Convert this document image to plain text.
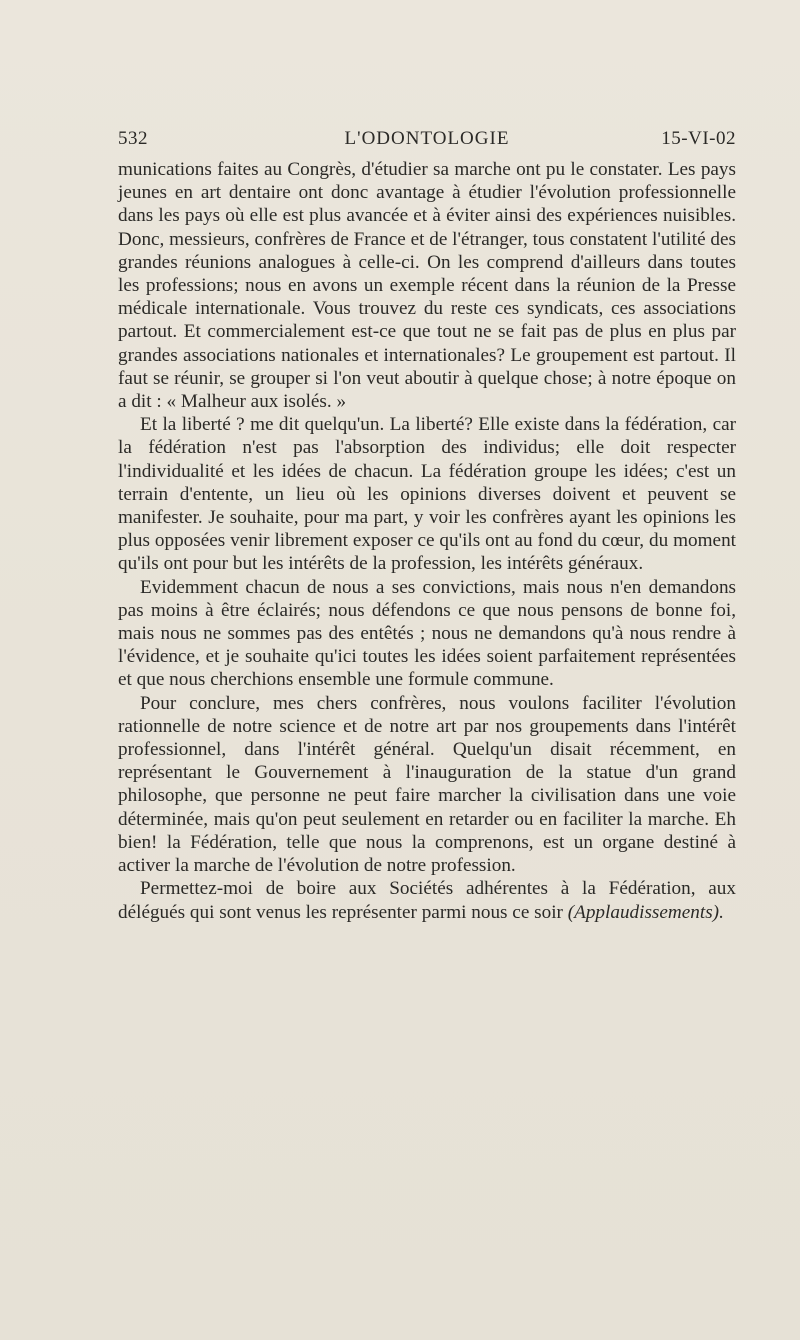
532	L'ODONTOLOGIE	15-VI-02

munications faites au Congrès, d'étudier sa marche ont pu le constater. Les pays jeunes en art dentaire ont donc avantage à étudier l'évolution professionnelle dans les pays où elle est plus avancée et à éviter ainsi des expériences nuisibles. Donc, messieurs, confrères de France et de l'étranger, tous constatent l'utilité des grandes réunions analogues à celle-ci. On les comprend d'ailleurs dans toutes les professions; nous en avons un exemple récent dans la réunion de la Presse médicale internationale. Vous trouvez du reste ces syndicats, ces associations partout. Et commercialement est-ce que tout ne se fait pas de plus en plus par grandes associations nationales et internationales? Le groupement est partout. Il faut se réunir, se grouper si l'on veut aboutir à quelque chose; à notre époque on a dit : « Malheur aux isolés. »

Et la liberté ? me dit quelqu'un. La liberté? Elle existe dans la fédération, car la fédération n'est pas l'absorption des individus; elle doit respecter l'individualité et les idées de chacun. La fédération groupe les idées; c'est un terrain d'entente, un lieu où les opinions diverses doivent et peuvent se manifester. Je souhaite, pour ma part, y voir les confrères ayant les opinions les plus opposées venir librement exposer ce qu'ils ont au fond du cœur, du moment qu'ils ont pour but les intérêts de la profession, les intérêts généraux.

Evidemment chacun de nous a ses convictions, mais nous n'en demandons pas moins à être éclairés; nous défendons ce que nous pensons de bonne foi, mais nous ne sommes pas des entêtés ; nous ne demandons qu'à nous rendre à l'évidence, et je souhaite qu'ici toutes les idées soient parfaitement représentées et que nous cherchions ensemble une formule commune.

Pour conclure, mes chers confrères, nous voulons faciliter l'évolution rationnelle de notre science et de notre art par nos groupements dans l'intérêt professionnel, dans l'intérêt général. Quelqu'un disait récemment, en représentant le Gouvernement à l'inauguration de la statue d'un grand philosophe, que personne ne peut faire marcher la civilisation dans une voie déterminée, mais qu'on peut seulement en retarder ou en faciliter la marche. Eh bien! la Fédération, telle que nous la comprenons, est un organe destiné à activer la marche de l'évolution de notre profession.

Permettez-moi de boire aux Sociétés adhérentes à la Fédération, aux délégués qui sont venus les représenter parmi nous ce soir (Applaudissements).
